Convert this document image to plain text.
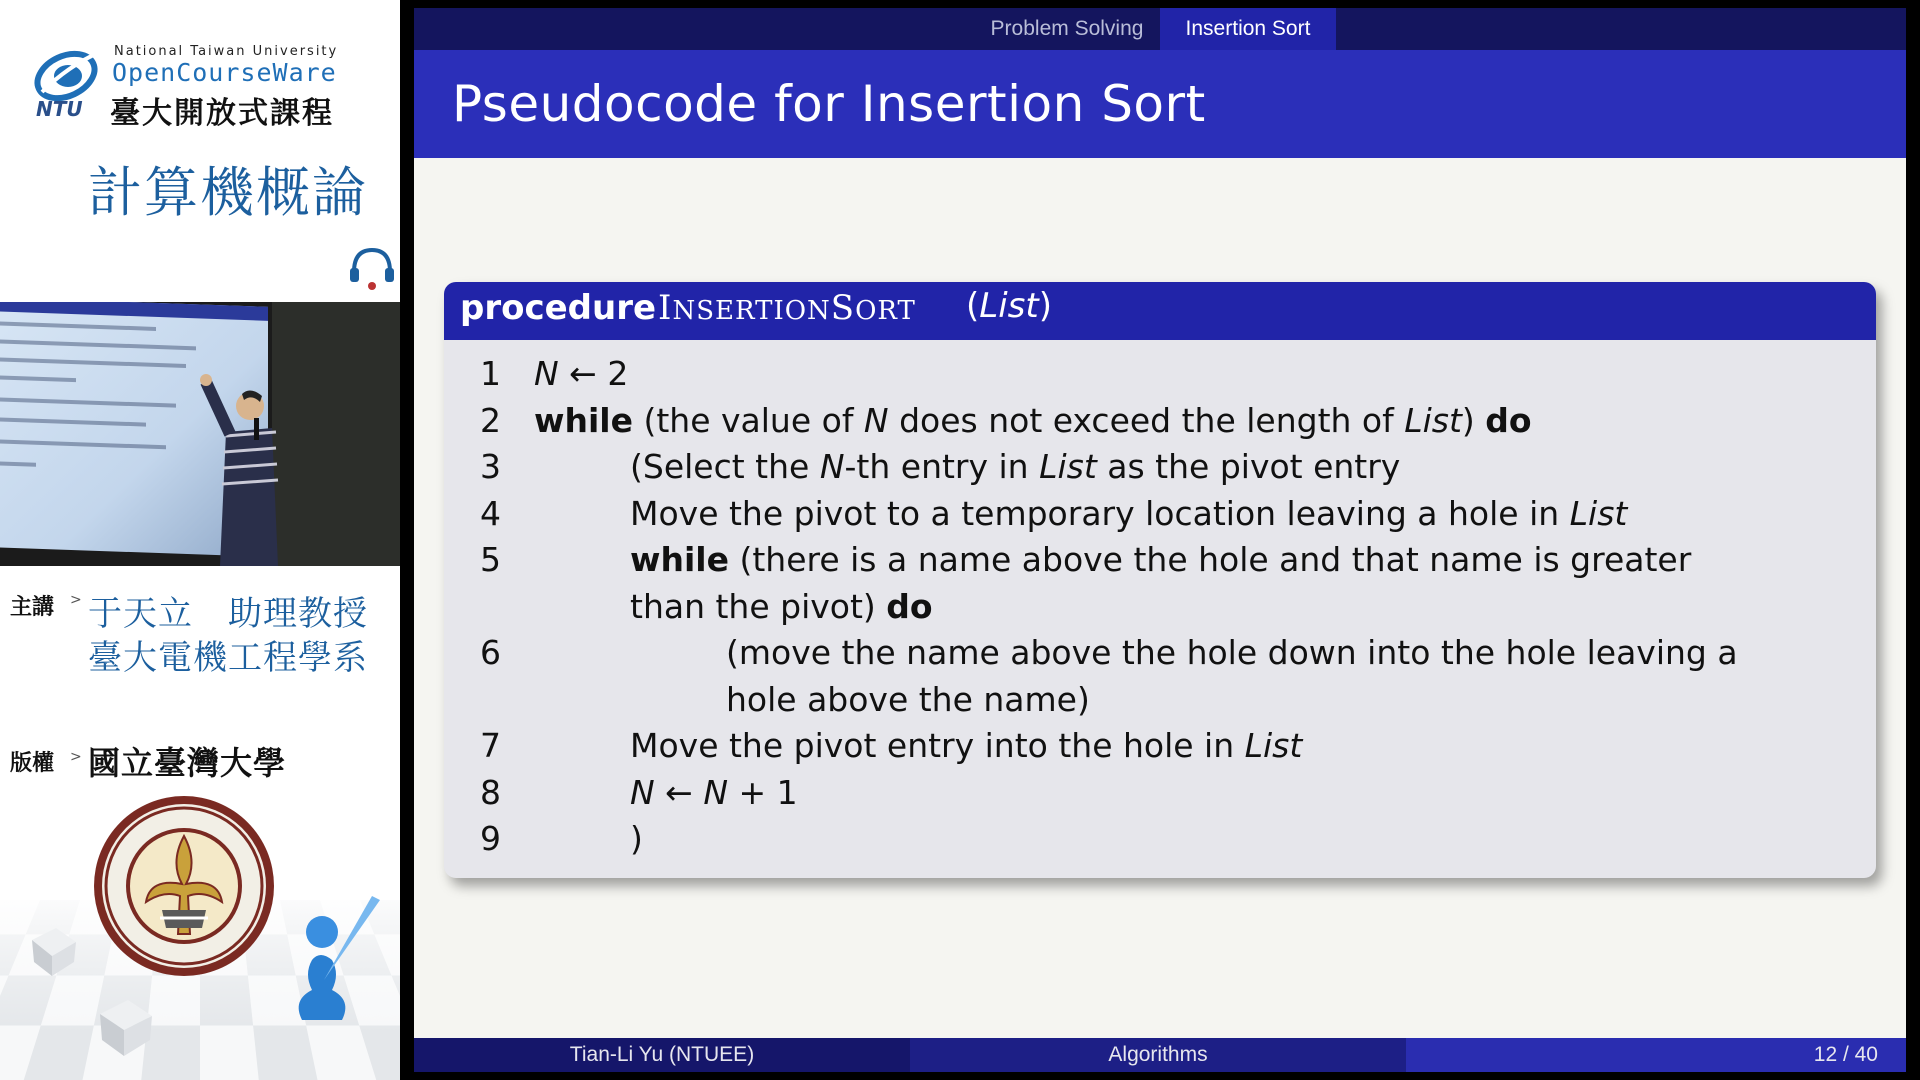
NTU
National Taiwan University
OpenCourseWare
臺大開放式課程
計算機概論
主講 > 于天立　助理教授
臺大電機工程學系
版權 > 國立臺灣大學
Problem Solving	Insertion Sort
Pseudocode for Insertion Sort
procedure INSERTIONSORT (List)
1 N ← 2
2 while (the value of N does not exceed the length of List) do
3	(Select the N-th entry in List as the pivot entry
4	Move the pivot to a temporary location leaving a hole in List
5	while (there is a name above the hole and that name is greater
than the pivot) do
6	(move the name above the hole down into the hole leaving a
hole above the name)
7	Move the pivot entry into the hole in List
8	N ← N + 1
9	)
Tian-Li Yu (NTUEE)	Algorithms	12 / 40
